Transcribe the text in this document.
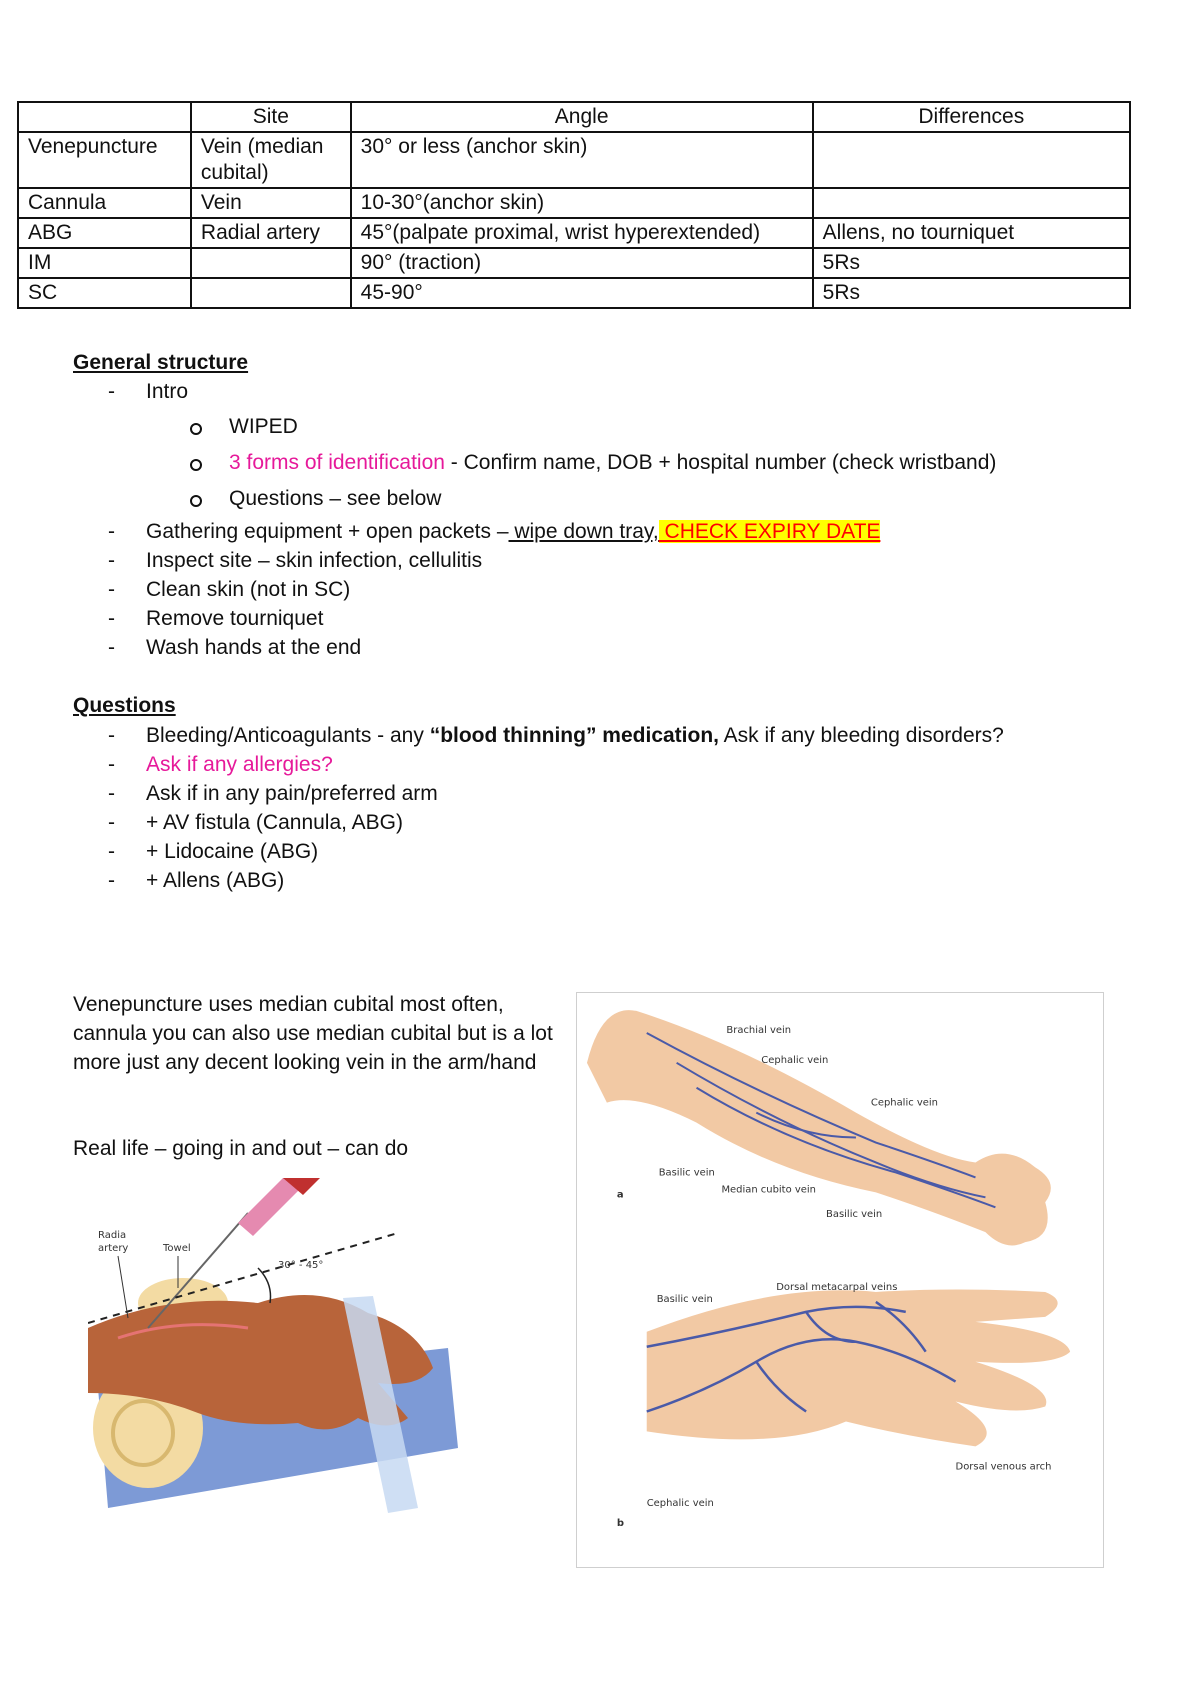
	Site	Angle	Differences
Venepuncture	Vein (median cubital)	30° or less (anchor skin)	
Cannula	Vein	10-30°(anchor skin)	
ABG	Radial artery	45°(palpate proximal, wrist hyperextended)	Allens, no tourniquet
IM		90° (traction)	5Rs
SC		45-90°	5Rs
General structure
- Intro
WIPED
3 forms of identification - Confirm name, DOB + hospital number (check wristband)
Questions – see below
- Gathering equipment + open packets – wipe down tray, CHECK EXPIRY DATE
- Inspect site – skin infection, cellulitis
- Clean skin (not in SC)
- Remove tourniquet
- Wash hands at the end
Questions
- Bleeding/Anticoagulants - any “blood thinning” medication, Ask if any bleeding disorders?
- Ask if any allergies?
- Ask if in any pain/preferred arm
- + AV fistula (Cannula, ABG)
- + Lidocaine (ABG)
- + Allens (ABG)
Venepuncture uses median cubital most often, cannula you can also use median cubital but is a lot more just any decent looking vein in the arm/hand
Real life – going in and out – can do
Radia
artery	Towel
30° - 45°
Brachial vein
Cephalic vein
Cephalic vein
Basilic vein
Median cubito vein
Basilic vein
a
Basilic vein
Dorsal metacarpal veins
Cephalic vein
Dorsal venous arch
b
